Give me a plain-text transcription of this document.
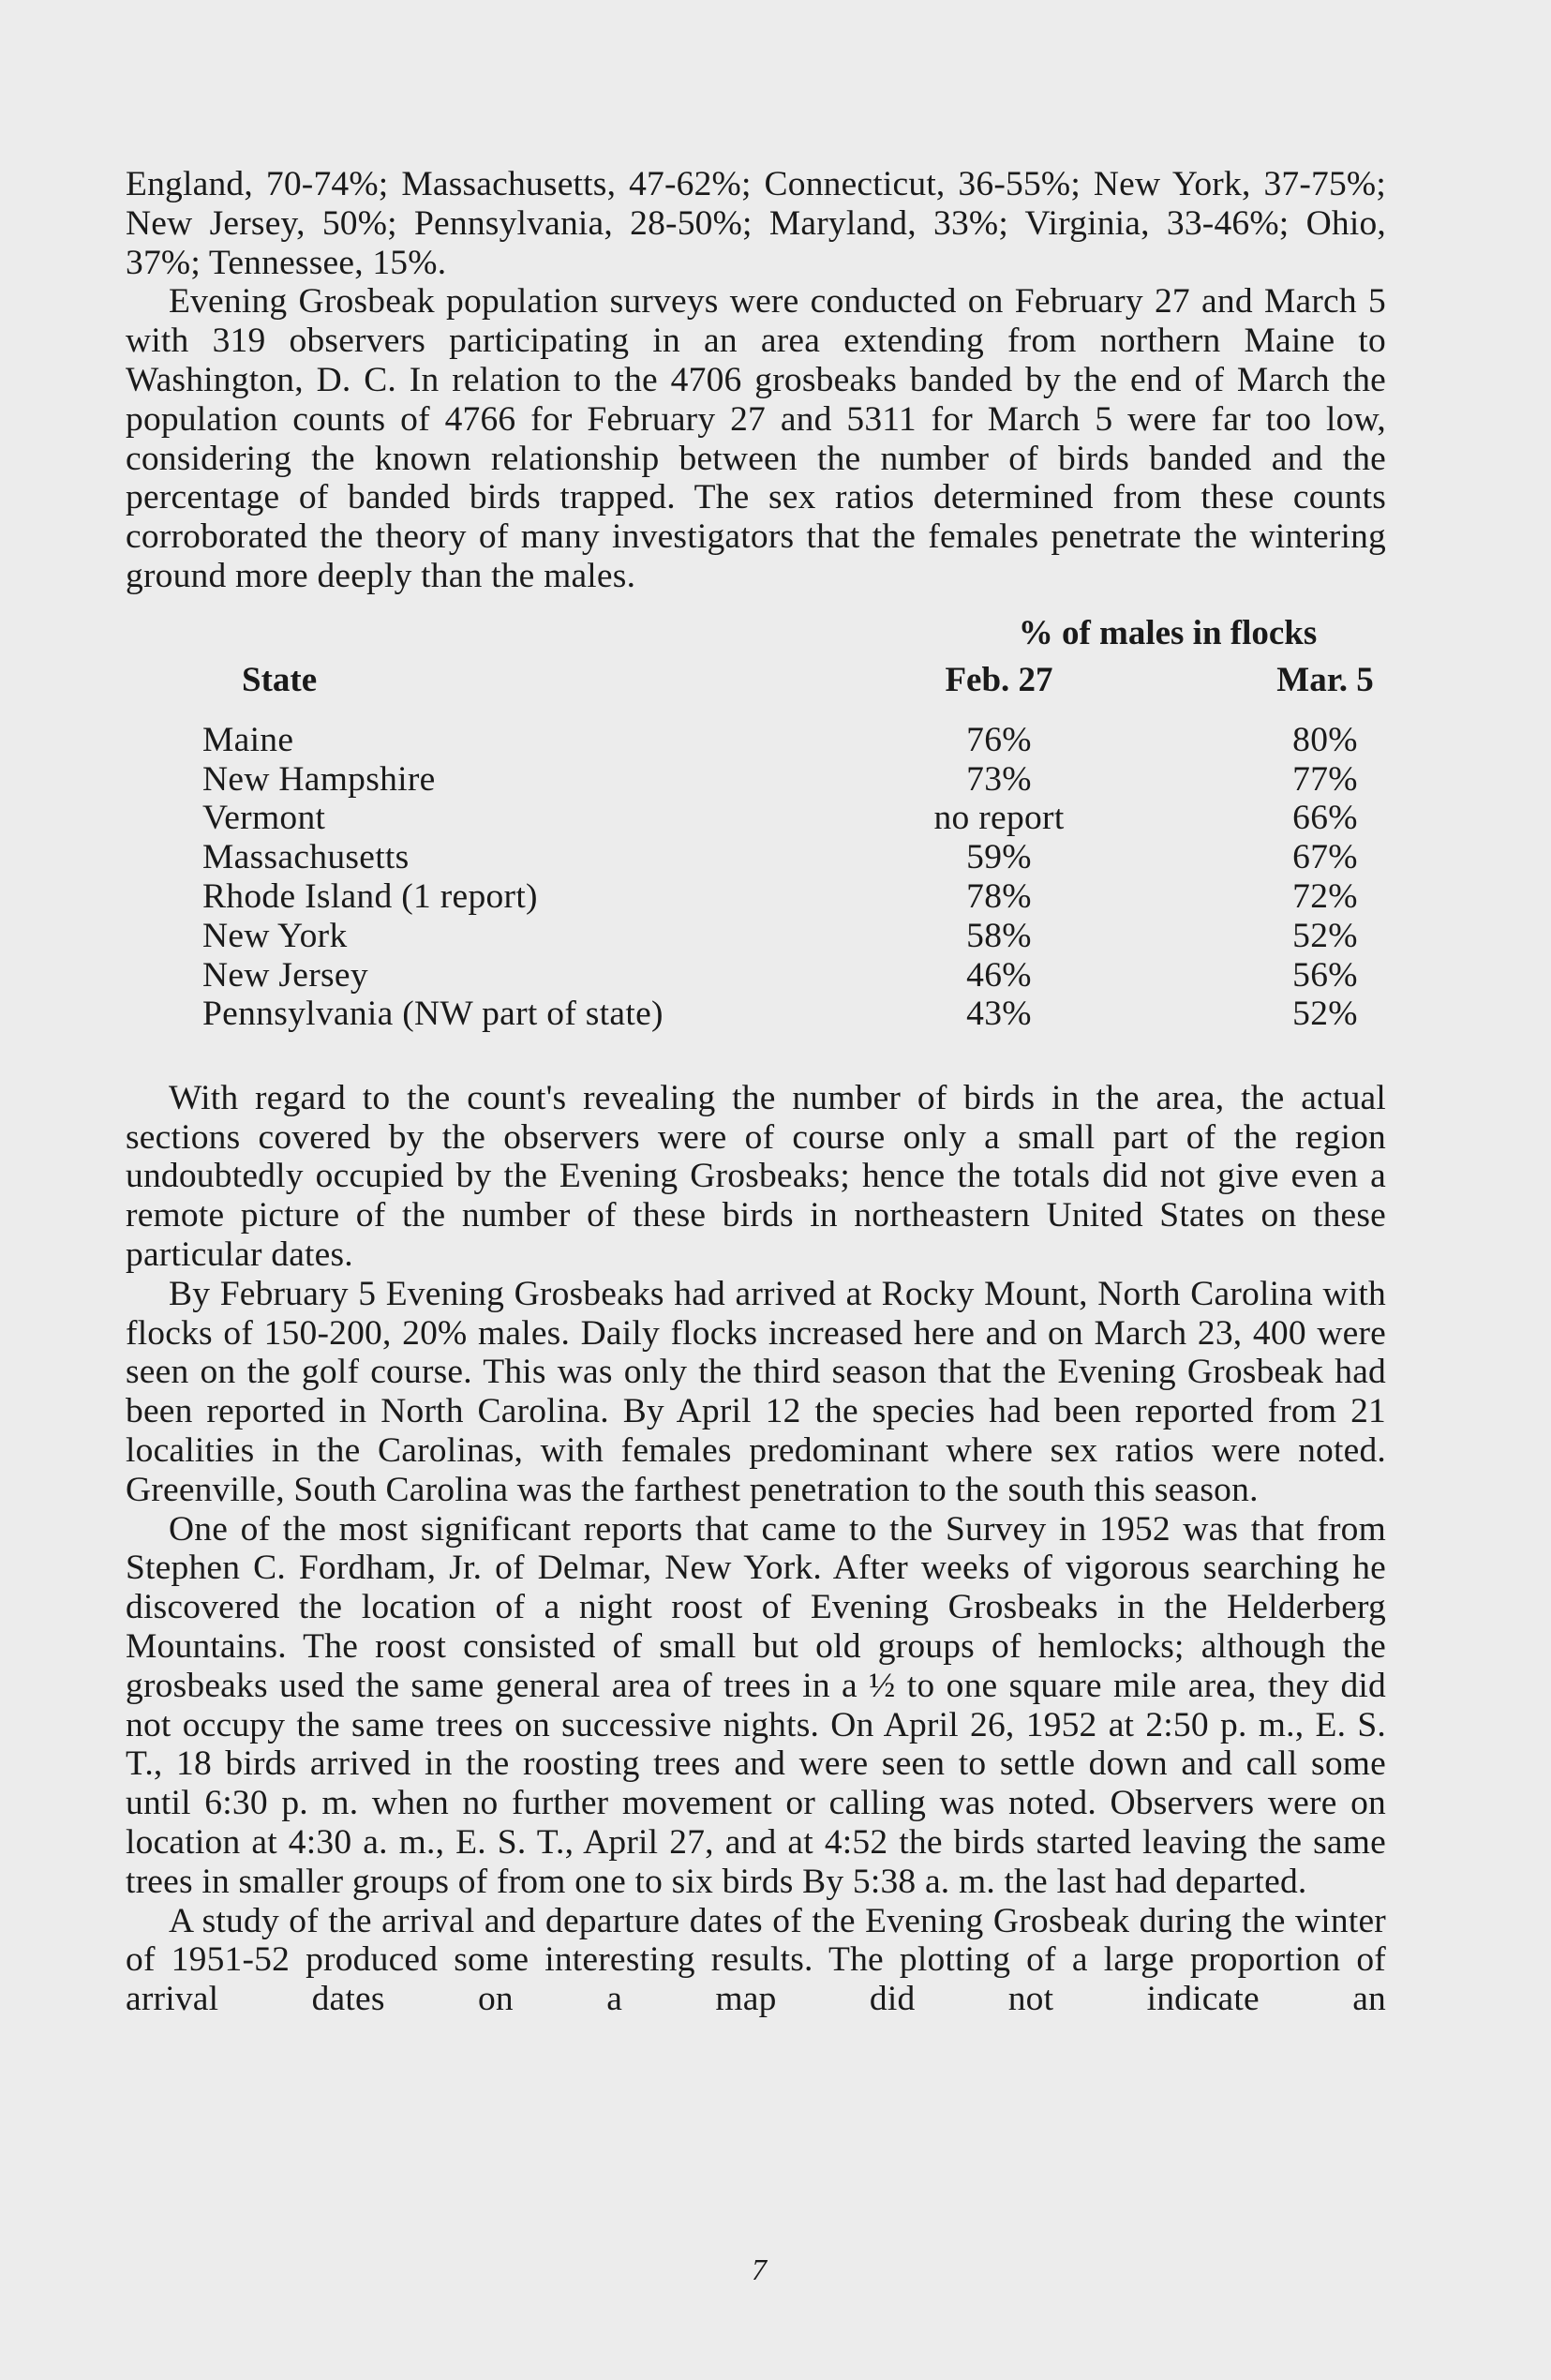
England, 70-74%; Massachusetts, 47-62%; Connecticut, 36-55%; New York, 37-75%; New Jersey, 50%; Pennsylvania, 28-50%; Maryland, 33%; Virginia, 33-46%; Ohio, 37%; Tennessee, 15%.

Evening Grosbeak population surveys were conducted on February 27 and March 5 with 319 observers participating in an area extending from northern Maine to Washington, D. C. In relation to the 4706 grosbeaks banded by the end of March the population counts of 4766 for February 27 and 5311 for March 5 were far too low, considering the known relationship between the number of birds banded and the percentage of banded birds trapped. The sex ratios determined from these counts corroborated the theory of many investigators that the females penetrate the wintering ground more deeply than the males.

% of males in flocks
State	Feb. 27	Mar. 5
Maine	76%	80%
New Hampshire	73%	77%
Vermont	no report	66%
Massachusetts	59%	67%
Rhode Island (1 report)	78%	72%
New York	58%	52%
New Jersey	46%	56%
Pennsylvania (NW part of state)	43%	52%

With regard to the count's revealing the number of birds in the area, the actual sections covered by the observers were of course only a small part of the region undoubtedly occupied by the Evening Grosbeaks; hence the totals did not give even a remote picture of the number of these birds in northeastern United States on these particular dates.

By February 5 Evening Grosbeaks had arrived at Rocky Mount, North Carolina with flocks of 150-200, 20% males. Daily flocks increased here and on March 23, 400 were seen on the golf course. This was only the third season that the Evening Grosbeak had been reported in North Carolina. By April 12 the species had been reported from 21 localities in the Carolinas, with females predominant where sex ratios were noted. Greenville, South Carolina was the farthest penetration to the south this season.

One of the most significant reports that came to the Survey in 1952 was that from Stephen C. Fordham, Jr. of Delmar, New York. After weeks of vigorous searching he discovered the location of a night roost of Evening Grosbeaks in the Helderberg Mountains. The roost consisted of small but old groups of hemlocks; although the grosbeaks used the same general area of trees in a ½ to one square mile area, they did not occupy the same trees on successive nights. On April 26, 1952 at 2:50 p. m., E. S. T., 18 birds arrived in the roosting trees and were seen to settle down and call some until 6:30 p. m. when no further movement or calling was noted. Observers were on location at 4:30 a. m., E. S. T., April 27, and at 4:52 the birds started leaving the same trees in smaller groups of from one to six birds By 5:38 a. m. the last had departed.

A study of the arrival and departure dates of the Evening Grosbeak during the winter of 1951-52 produced some interesting results. The plotting of a large proportion of arrival dates on a map did not indicate an

7
